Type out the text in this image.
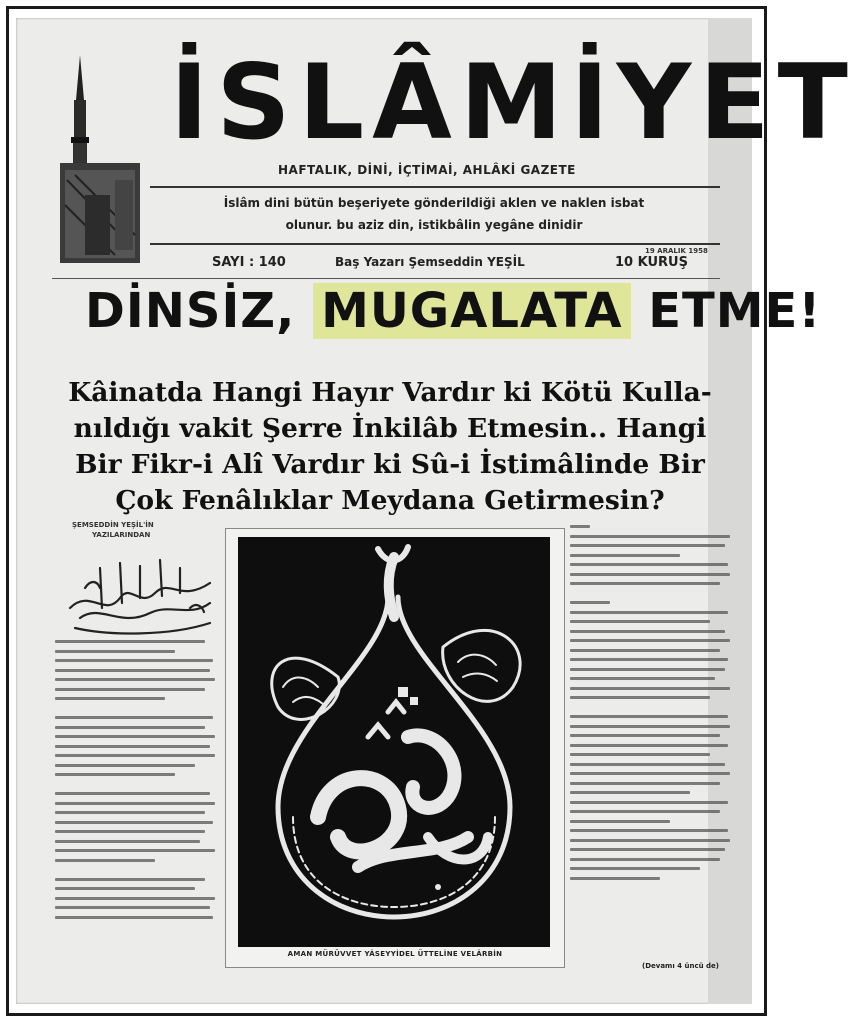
İSLÂMİYET
HAFTALIK, DİNİ, İÇTİMAİ, AHLÂKİ GAZETE
İslâm dini bütün beşeriyete gönderildiği aklen ve naklen isbat
olunur. bu aziz din, istikbâlin yegâne dinidir
19 ARALIK 1958
SAYI : 140	Baş Yazarı Şemseddin YEŞİL	10 KURUŞ
DİNSİZ, MUGALATA ETME!
Kâinatda Hangi Hayır Vardır ki Kötü Kulla-
nıldığı vakit Şerre İnkilâb Etmesin.. Hangi
Bir Fikr-i Alî Vardır ki Sû-i İstimâlinde Bir
Çok Fenâlıklar Meydana Getirmesin?
ŞEMSEDDİN YEŞİL'İN
YAZILARINDAN
AMAN MÜRÜVVET YÂSEYYİDEL ÜTTELİNE VELÂRBİN
(Devamı 4 üncü de)
